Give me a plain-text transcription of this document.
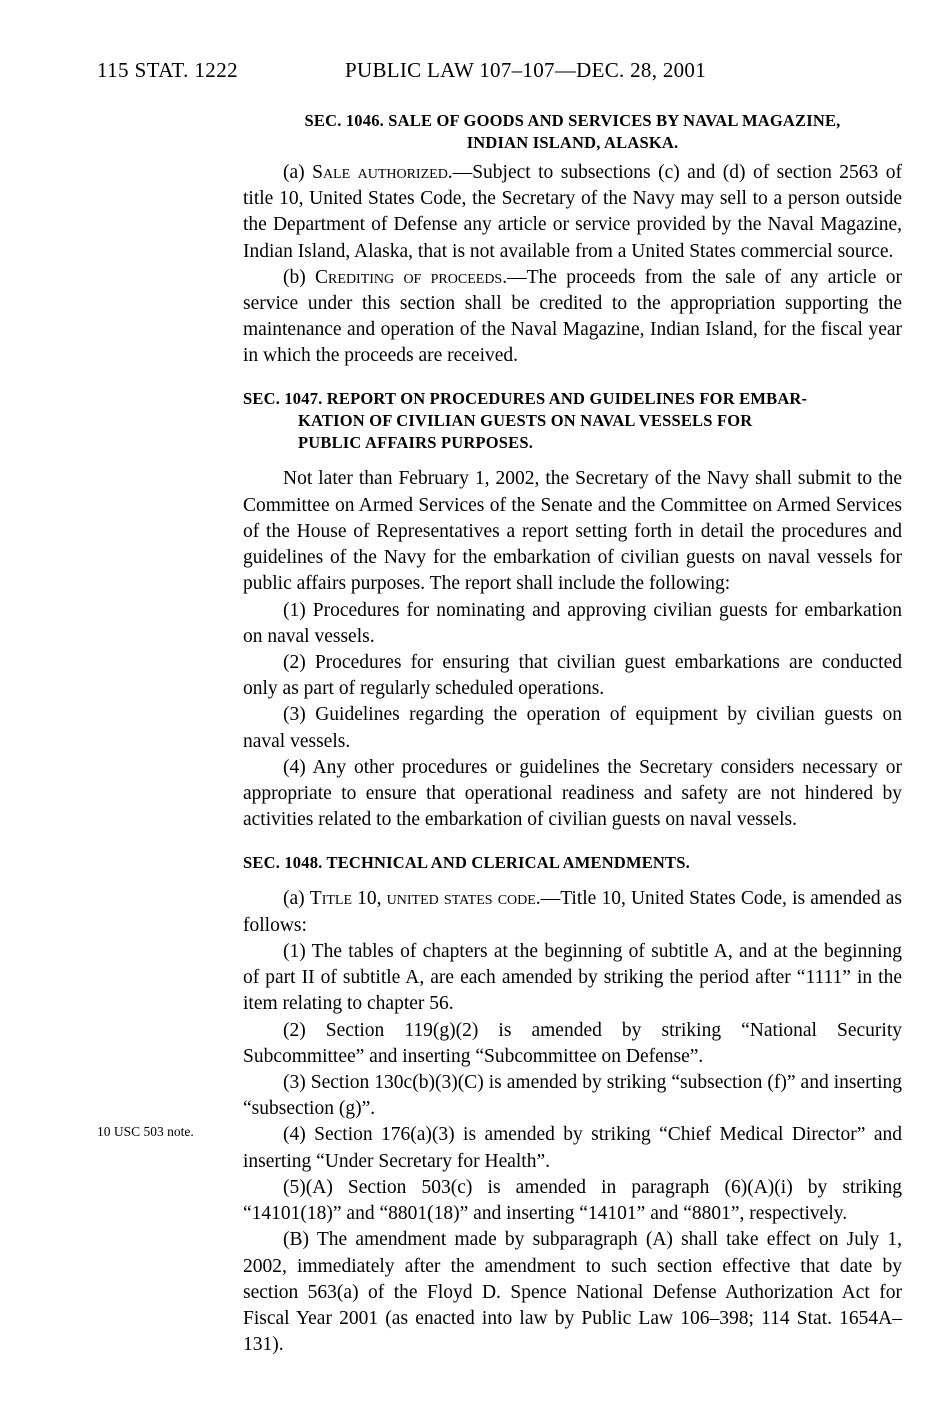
115 STAT. 1222	PUBLIC LAW 107–107—DEC. 28, 2001
10 USC 503 note.
SEC. 1046. SALE OF GOODS AND SERVICES BY NAVAL MAGAZINE,
INDIAN ISLAND, ALASKA.

(a) Sale authorized.—Subject to subsections (c) and (d) of section 2563 of title 10, United States Code, the Secretary of the Navy may sell to a person outside the Department of Defense any article or service provided by the Naval Magazine, Indian Island, Alaska, that is not available from a United States commercial source.

(b) Crediting of proceeds.—The proceeds from the sale of any article or service under this section shall be credited to the appropriation supporting the maintenance and operation of the Naval Magazine, Indian Island, for the fiscal year in which the proceeds are received.

SEC. 1047. REPORT ON PROCEDURES AND GUIDELINES FOR EMBAR-
KATION OF CIVILIAN GUESTS ON NAVAL VESSELS FOR
PUBLIC AFFAIRS PURPOSES.

Not later than February 1, 2002, the Secretary of the Navy shall submit to the Committee on Armed Services of the Senate and the Committee on Armed Services of the House of Representatives a report setting forth in detail the procedures and guidelines of the Navy for the embarkation of civilian guests on naval vessels for public affairs purposes. The report shall include the following:

(1) Procedures for nominating and approving civilian guests for embarkation on naval vessels.

(2) Procedures for ensuring that civilian guest embarkations are conducted only as part of regularly scheduled operations.

(3) Guidelines regarding the operation of equipment by civilian guests on naval vessels.

(4) Any other procedures or guidelines the Secretary considers necessary or appropriate to ensure that operational readiness and safety are not hindered by activities related to the embarkation of civilian guests on naval vessels.

SEC. 1048. TECHNICAL AND CLERICAL AMENDMENTS.

(a) Title 10, united states code.—Title 10, United States Code, is amended as follows:

(1) The tables of chapters at the beginning of subtitle A, and at the beginning of part II of subtitle A, are each amended by striking the period after “1111” in the item relating to chapter 56.

(2) Section 119(g)(2) is amended by striking “National Security Subcommittee” and inserting “Subcommittee on Defense”.

(3) Section 130c(b)(3)(C) is amended by striking “subsection (f)” and inserting “subsection (g)”.

(4) Section 176(a)(3) is amended by striking “Chief Medical Director” and inserting “Under Secretary for Health”.

(5)(A) Section 503(c) is amended in paragraph (6)(A)(i) by striking “14101(18)” and “8801(18)” and inserting “14101” and “8801”, respectively.

(B) The amendment made by subparagraph (A) shall take effect on July 1, 2002, immediately after the amendment to such section effective that date by section 563(a) of the Floyd D. Spence National Defense Authorization Act for Fiscal Year 2001 (as enacted into law by Public Law 106–398; 114 Stat. 1654A–131).
